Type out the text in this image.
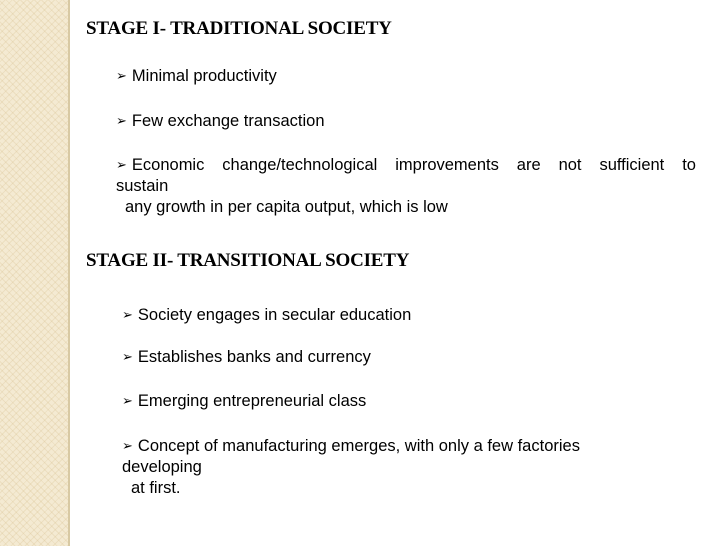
STAGE I- TRADITIONAL SOCIETY
➢ Minimal productivity
➢ Few exchange transaction
➢ Economic change/technological improvements are not sufficient to
sustain
any growth in per capita output, which is low
STAGE II- TRANSITIONAL SOCIETY
➢ Society engages in secular education
➢ Establishes banks and currency
➢ Emerging entrepreneurial class
➢ Concept of manufacturing emerges, with only a few factories
developing
at first.
